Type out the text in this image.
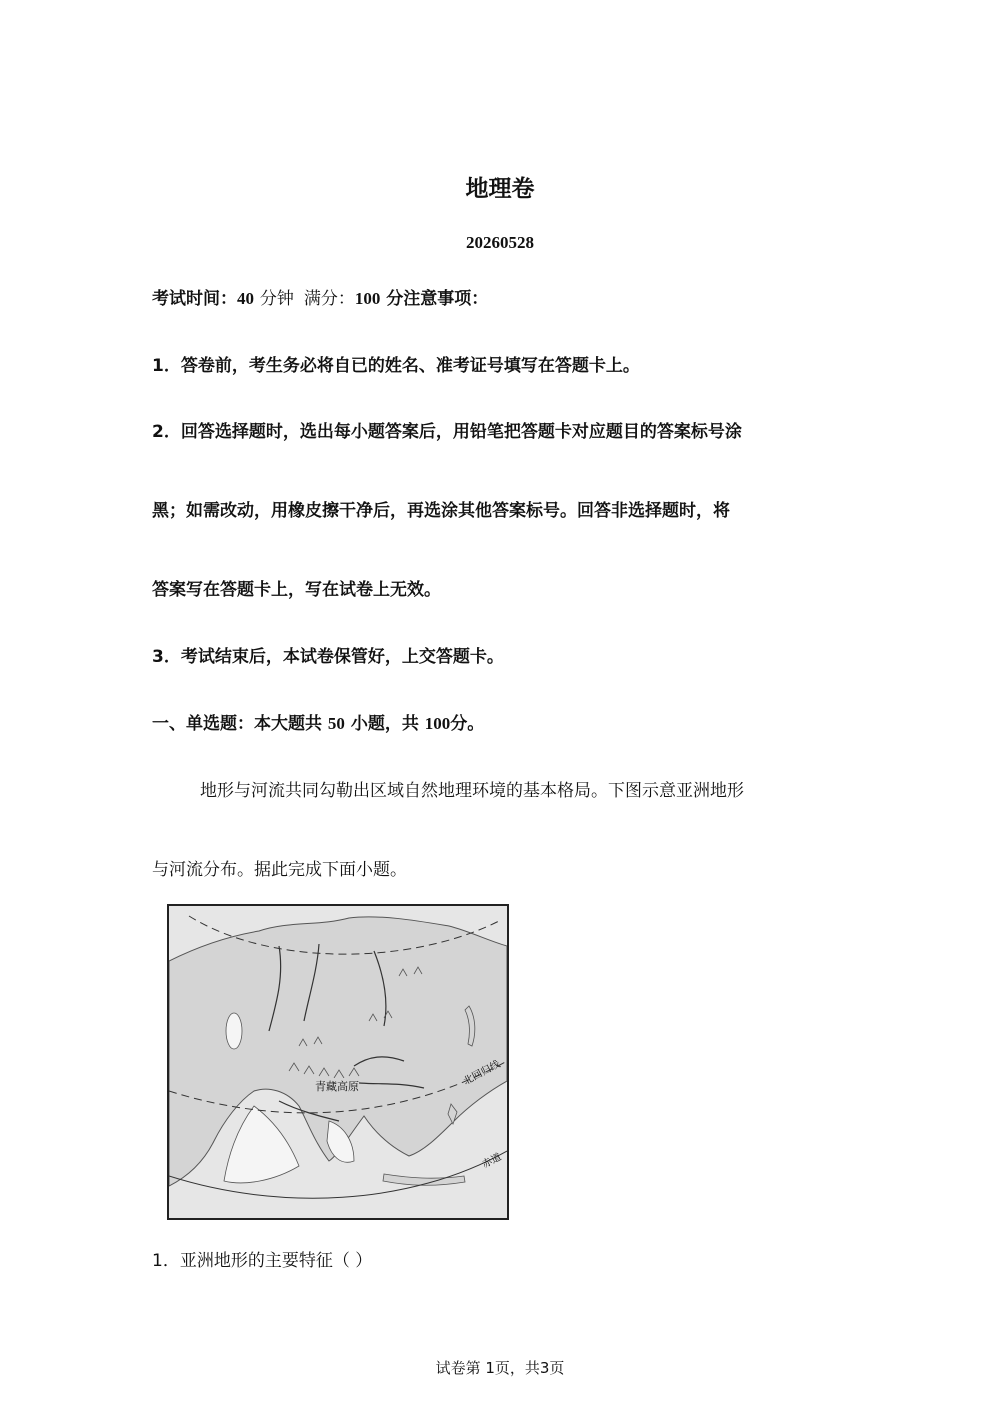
地理卷
20260528
考试时间：40 分钟 满分：100 分注意事项：
1．答卷前，考生务必将自已的姓名、准考证号填写在答题卡上。
2．回答选择题时，选出每小题答案后，用铅笔把答题卡对应题目的答案标号涂
黑；如需改动，用橡皮擦干净后，再选涂其他答案标号。回答非选择题时，将
答案写在答题卡上，写在试卷上无效。
3．考试结束后，本试卷保管好，上交答题卡。
一、单选题：本大题共 50 小题，共 100分。
地形与河流共同勾勒出区域自然地理环境的基本格局。下图示意亚洲地形
与河流分布。据此完成下面小题。
青藏高原	北回归线
赤道
1．亚洲地形的主要特征（ ）
试卷第 1页，共3页
